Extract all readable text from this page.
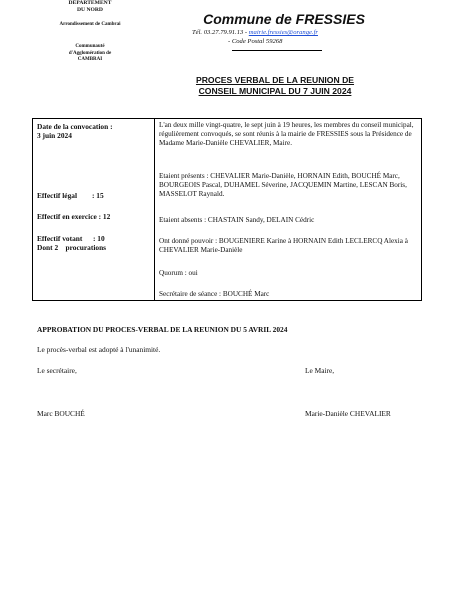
DÉPARTEMENT
DU NORD
Arrondissement de Cambrai
Communauté
d'Agglomération de
CAMBRAI
Commune de FRESSIES
Tél. 03.27.79.91.13 - mairie.fressies@orange.fr
- Code Postal 59268
PROCES VERBAL DE LA REUNION DE
CONSEIL MUNICIPAL DU 7 JUIN 2024
Date de la convocation :
3 juin 2024
Effectif légal : 15
Effectif en exercice : 12
Effectif votant : 10
Dont 2    procurations
L'an deux mille vingt-quatre, le sept juin à 19 heures, les membres du conseil municipal, régulièrement convoqués, se sont réunis à la mairie de FRESSIES sous la Présidence de Madame Marie-Danièle CHEVALIER, Maire.
Etaient présents : CHEVALIER Marie-Danièle, HORNAIN Edith, BOUCHÉ Marc, BOURGEOIS Pascal, DUHAMEL Séverine, JACQUEMIN Martine, LESCAN Boris, MASSELOT Raynald.
Etaient absents : CHASTAIN Sandy, DELAIN Cédric
Ont donné pouvoir : BOUGENIERE Karine à HORNAIN Edith LECLERCQ Alexia à CHEVALIER Marie-Danièle
Quorum : oui
Secrétaire de séance : BOUCHÉ Marc
APPROBATION DU PROCES-VERBAL DE LA REUNION DU 5 AVRIL 2024
Le procès-verbal est adopté à l'unanimité.
Le secrétaire,	Le Maire,
Marc BOUCHÉ	Marie-Danièle CHEVALIER
